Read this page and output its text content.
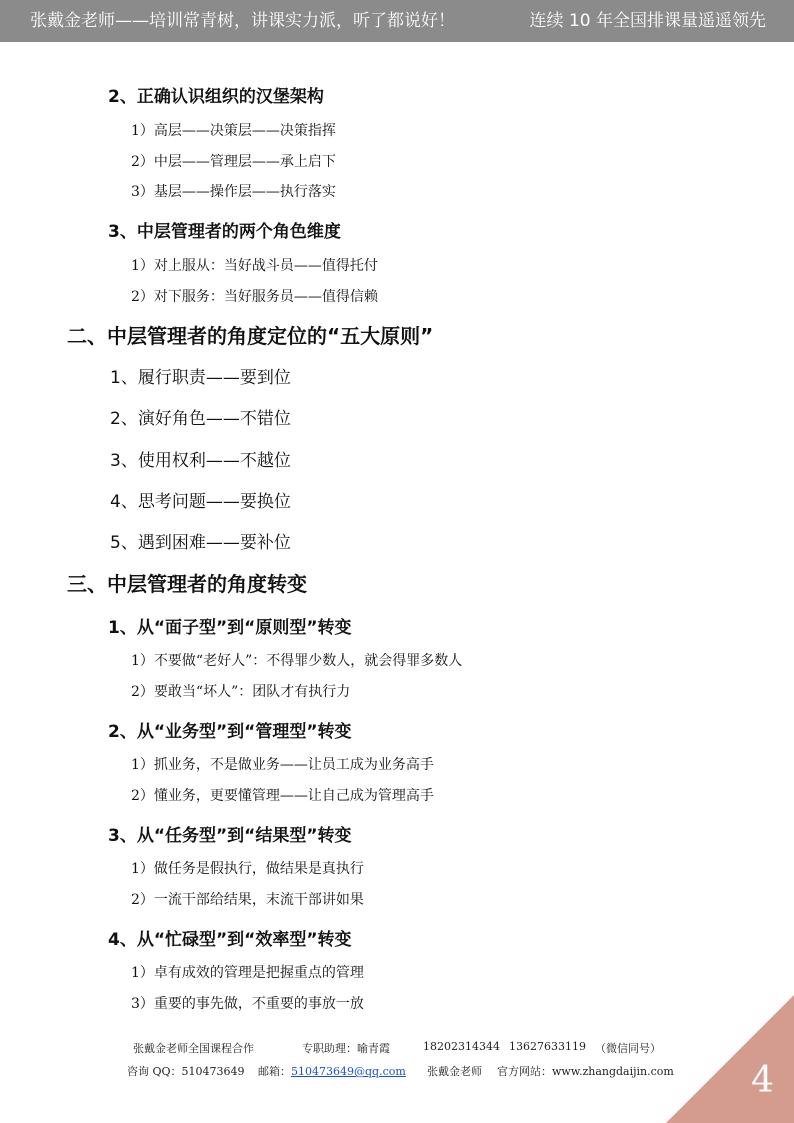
张戴金老师——培训常青树，讲课实力派，听了都说好！	连续 10 年全国排课量遥遥领先
2、正确认识组织的汉堡架构
1）高层——决策层——决策指挥
2）中层——管理层——承上启下
3）基层——操作层——执行落实
3、中层管理者的两个角色维度
1）对上服从：当好战斗员——值得托付
2）对下服务：当好服务员——值得信赖
二、中层管理者的角度定位的“五大原则”
1、履行职责——要到位
2、演好角色——不错位
3、使用权利——不越位
4、思考问题——要换位
5、遇到困难——要补位
三、中层管理者的角度转变
1、从“面子型”到“原则型”转变
1）不要做“老好人”：不得罪少数人，就会得罪多数人
2）要敢当“坏人”：团队才有执行力
2、从“业务型”到“管理型”转变
1）抓业务，不是做业务——让员工成为业务高手
2）懂业务，更要懂管理——让自己成为管理高手
3、从“任务型”到“结果型”转变
1）做任务是假执行，做结果是真执行
2）一流干部给结果，末流干部讲如果
4、从“忙碌型”到“效率型”转变
1）卓有成效的管理是把握重点的管理
3）重要的事先做，不重要的事放一放
张戴金老师全国课程合作	专职助理：喻青霞	18202314344 13627633119 （微信同号）
咨询 QQ：510473649 邮箱：510473649@qq.com 张戴金老师 官方网站：www.zhangdaijin.com 4
